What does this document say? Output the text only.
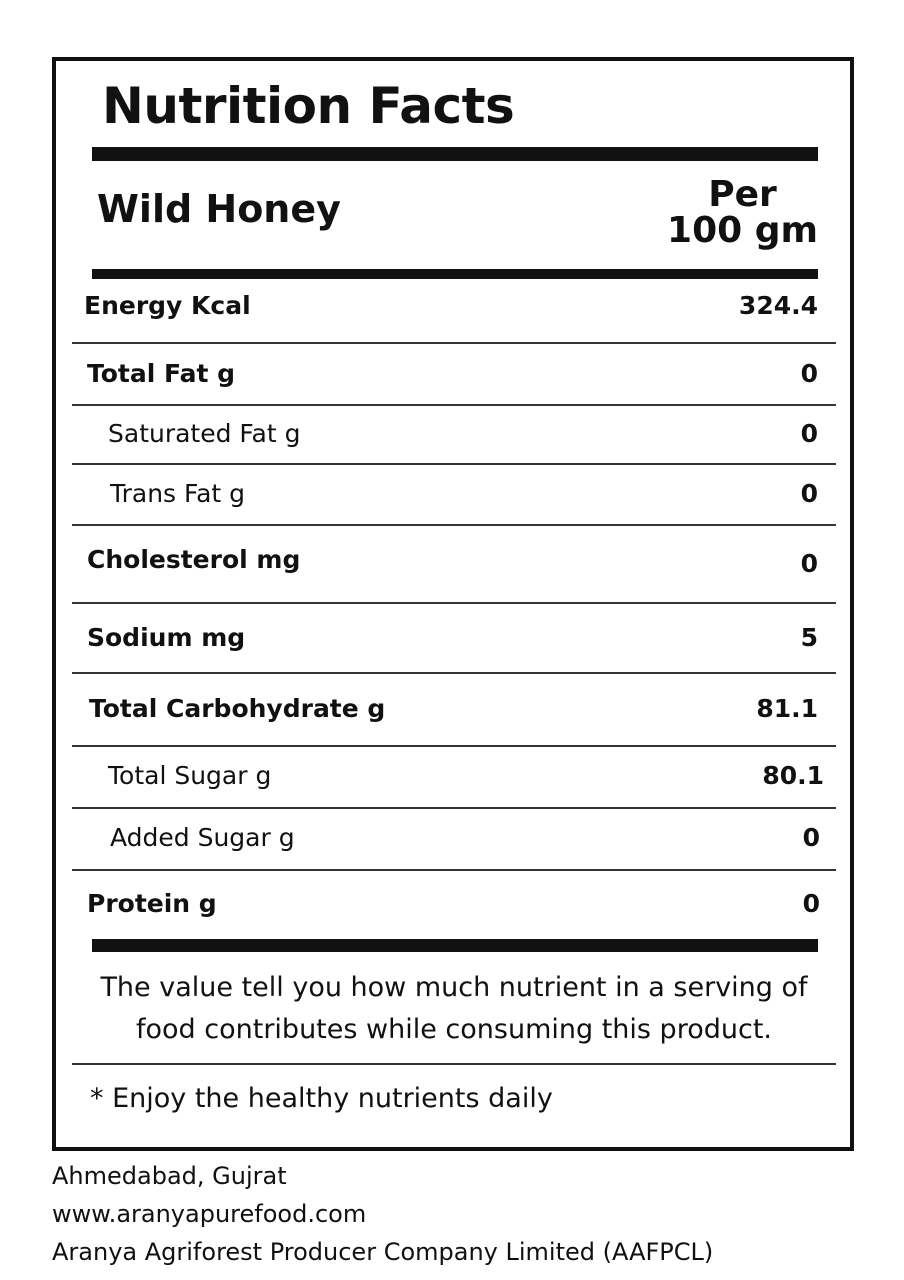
Nutrition Facts
Wild Honey	Per
100 gm
Energy Kcal	324.4
Total Fat g	0
Saturated Fat g	0
Trans Fat g	0
Cholesterol mg	0
Sodium mg	5
Total Carbohydrate g	81.1
Total Sugar g	80.1
Added Sugar g	0
Protein g	0
The value tell you how much nutrient in a serving of food contributes while consuming this product.
* Enjoy the healthy nutrients daily
Ahmedabad, Gujrat
www.aranyapurefood.com
Aranya Agriforest Producer Company Limited (AAFPCL)
